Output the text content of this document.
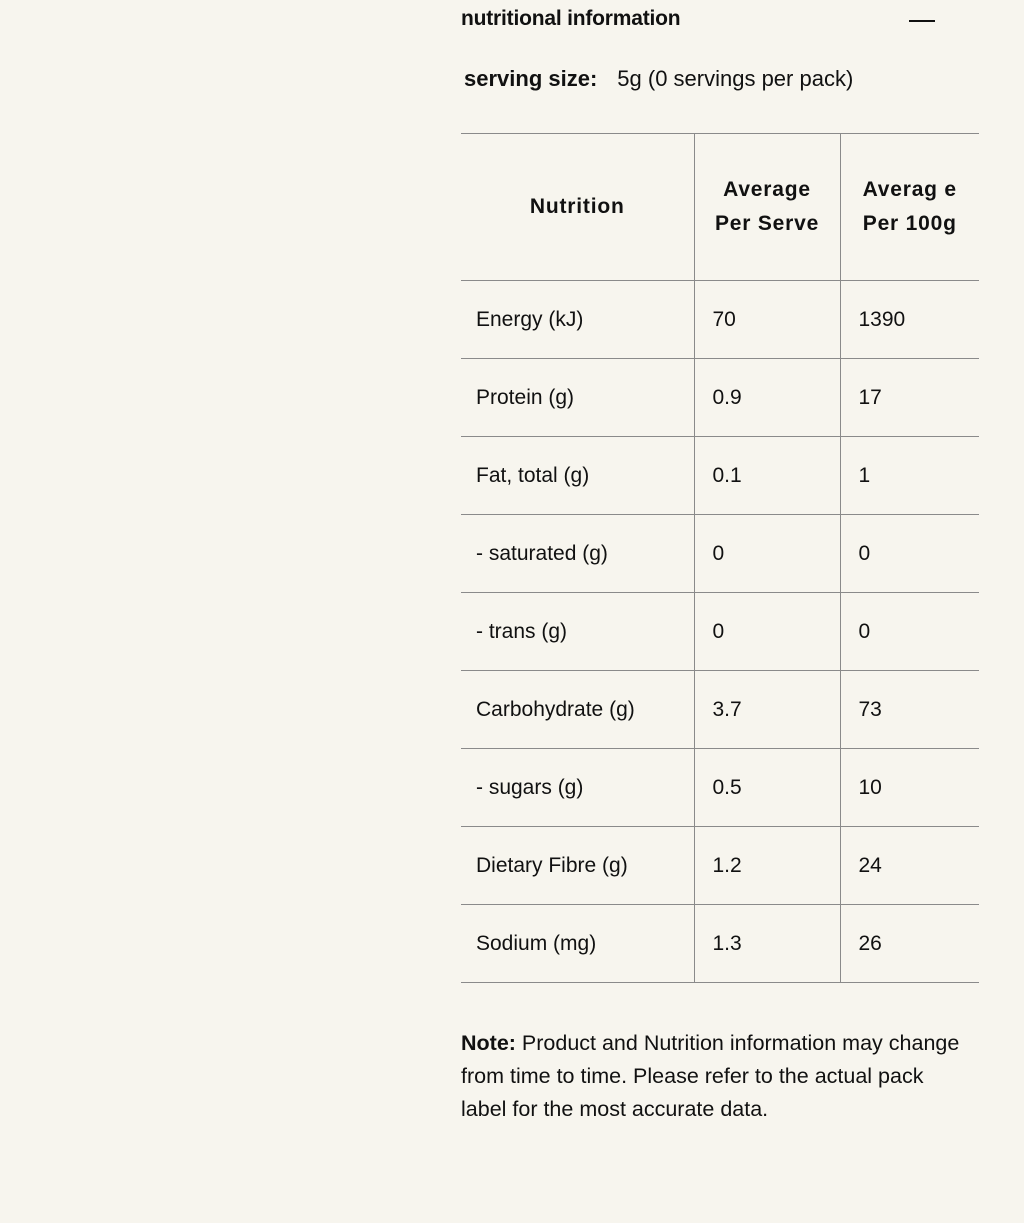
nutritional information
serving size: 5g (0 servings per pack)
Nutrition	Average Per Serve	Averag e Per 100g
Energy (kJ)	70	1390
Protein (g)	0.9	17
Fat, total (g)	0.1	1
- saturated (g)	0	0
- trans (g)	0	0
Carbohydrate (g)	3.7	73
- sugars (g)	0.5	10
Dietary Fibre (g)	1.2	24
Sodium (mg)	1.3	26

Note: Product and Nutrition information may change from time to time. Please refer to the actual pack label for the most accurate data.
